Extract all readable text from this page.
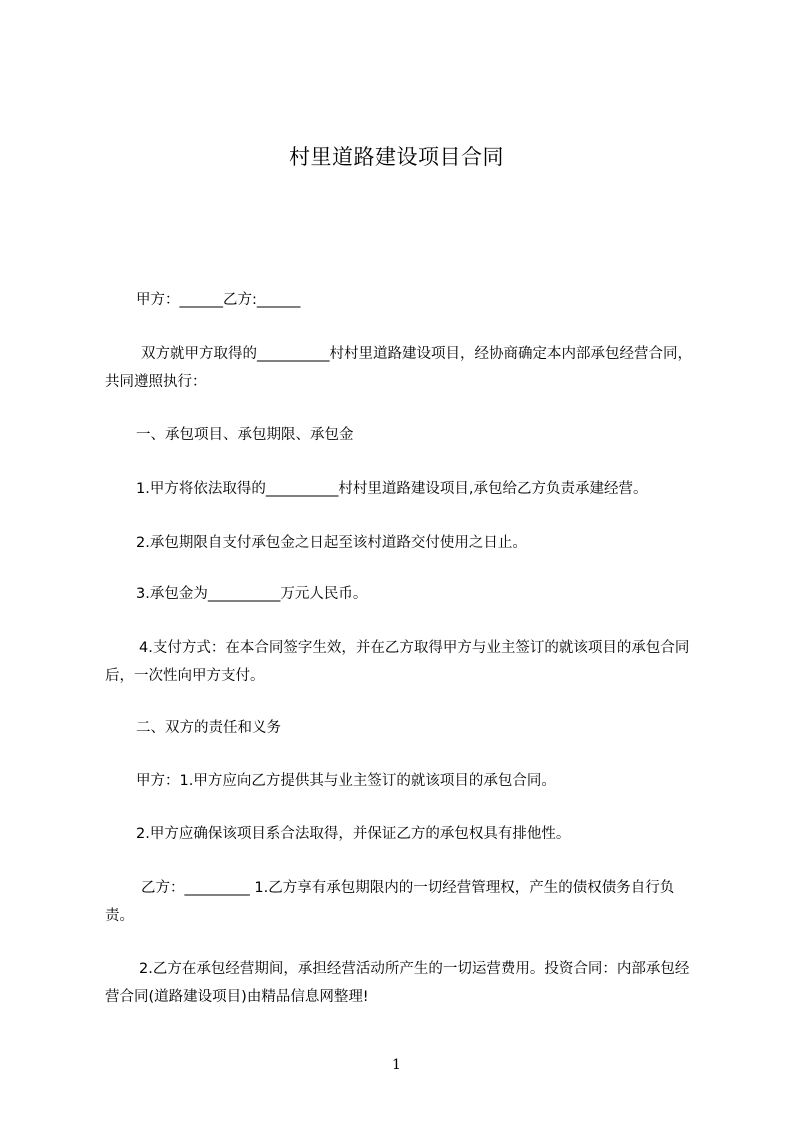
村里道路建设项目合同

甲方：______乙方:______

双方就甲方取得的__________村村里道路建设项目，经协商确定本内部承包经营合同，共同遵照执行：

一、承包项目、承包期限、承包金

1.甲方将依法取得的__________村村里道路建设项目,承包给乙方负责承建经营。

2.承包期限自支付承包金之日起至该村道路交付使用之日止。

3.承包金为__________万元人民币。

4.支付方式：在本合同签字生效，并在乙方取得甲方与业主签订的就该项目的承包合同后，一次性向甲方支付。

二、双方的责任和义务

甲方：1.甲方应向乙方提供其与业主签订的就该项目的承包合同。

2.甲方应确保该项目系合法取得，并保证乙方的承包权具有排他性。

乙方：_________ 1.乙方享有承包期限内的一切经营管理权，产生的债权债务自行负责。

2.乙方在承包经营期间，承担经营活动所产生的一切运营费用。投资合同：内部承包经营合同(道路建设项目)由精品信息网整理!

1
